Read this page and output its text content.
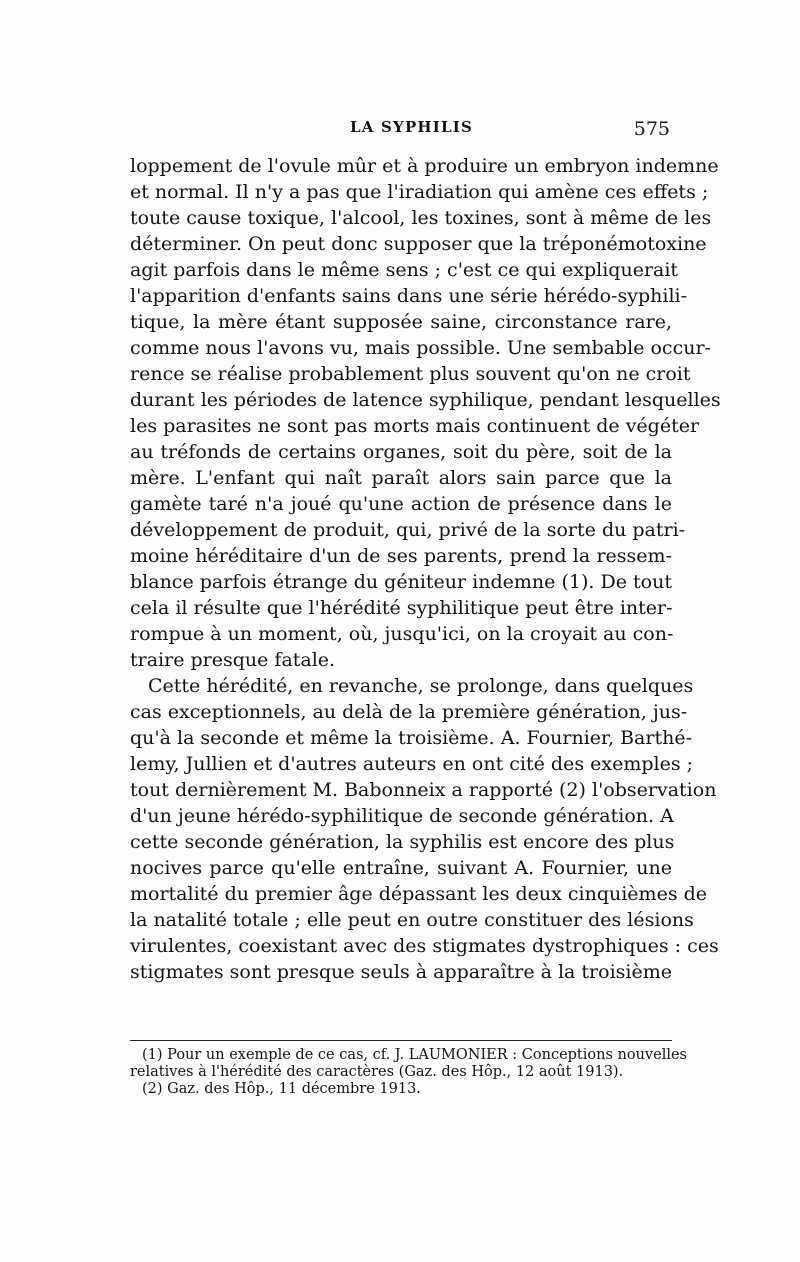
LA SYPHILIS	575
loppement de l'ovule mûr et à produire un embryon indemne
et normal. Il n'y a pas que l'iradiation qui amène ces effets ;
toute cause toxique, l'alcool, les toxines, sont à même de les
déterminer. On peut donc supposer que la tréponémotoxine
agit parfois dans le même sens ; c'est ce qui expliquerait
l'apparition d'enfants sains dans une série hérédo-syphili-
tique, la mère étant supposée saine, circonstance rare,
comme nous l'avons vu, mais possible. Une sembable occur-
rence se réalise probablement plus souvent qu'on ne croit
durant les périodes de latence syphilique, pendant lesquelles
les parasites ne sont pas morts mais continuent de végéter
au tréfonds de certains organes, soit du père, soit de la
mère. L'enfant qui naît paraît alors sain parce que la
gamète taré n'a joué qu'une action de présence dans le
développement de produit, qui, privé de la sorte du patri-
moine héréditaire d'un de ses parents, prend la ressem-
blance parfois étrange du géniteur indemne (1). De tout
cela il résulte que l'hérédité syphilitique peut être inter-
rompue à un moment, où, jusqu'ici, on la croyait au con-
traire presque fatale.
Cette hérédité, en revanche, se prolonge, dans quelques
cas exceptionnels, au delà de la première génération, jus-
qu'à la seconde et même la troisième. A. Fournier, Barthé-
lemy, Jullien et d'autres auteurs en ont cité des exemples ;
tout dernièrement M. Babonneix a rapporté (2) l'observation
d'un jeune hérédo-syphilitique de seconde génération. A
cette seconde génération, la syphilis est encore des plus
nocives parce qu'elle entraîne, suivant A. Fournier, une
mortalité du premier âge dépassant les deux cinquièmes de
la natalité totale ; elle peut en outre constituer des lésions
virulentes, coexistant avec des stigmates dystrophiques : ces
stigmates sont presque seuls à apparaître à la troisième
(1) Pour un exemple de ce cas, cf. J. LAUMONIER : Conceptions nouvelles
relatives à l'hérédité des caractères (Gaz. des Hôp., 12 août 1913).
(2) Gaz. des Hôp., 11 décembre 1913.
